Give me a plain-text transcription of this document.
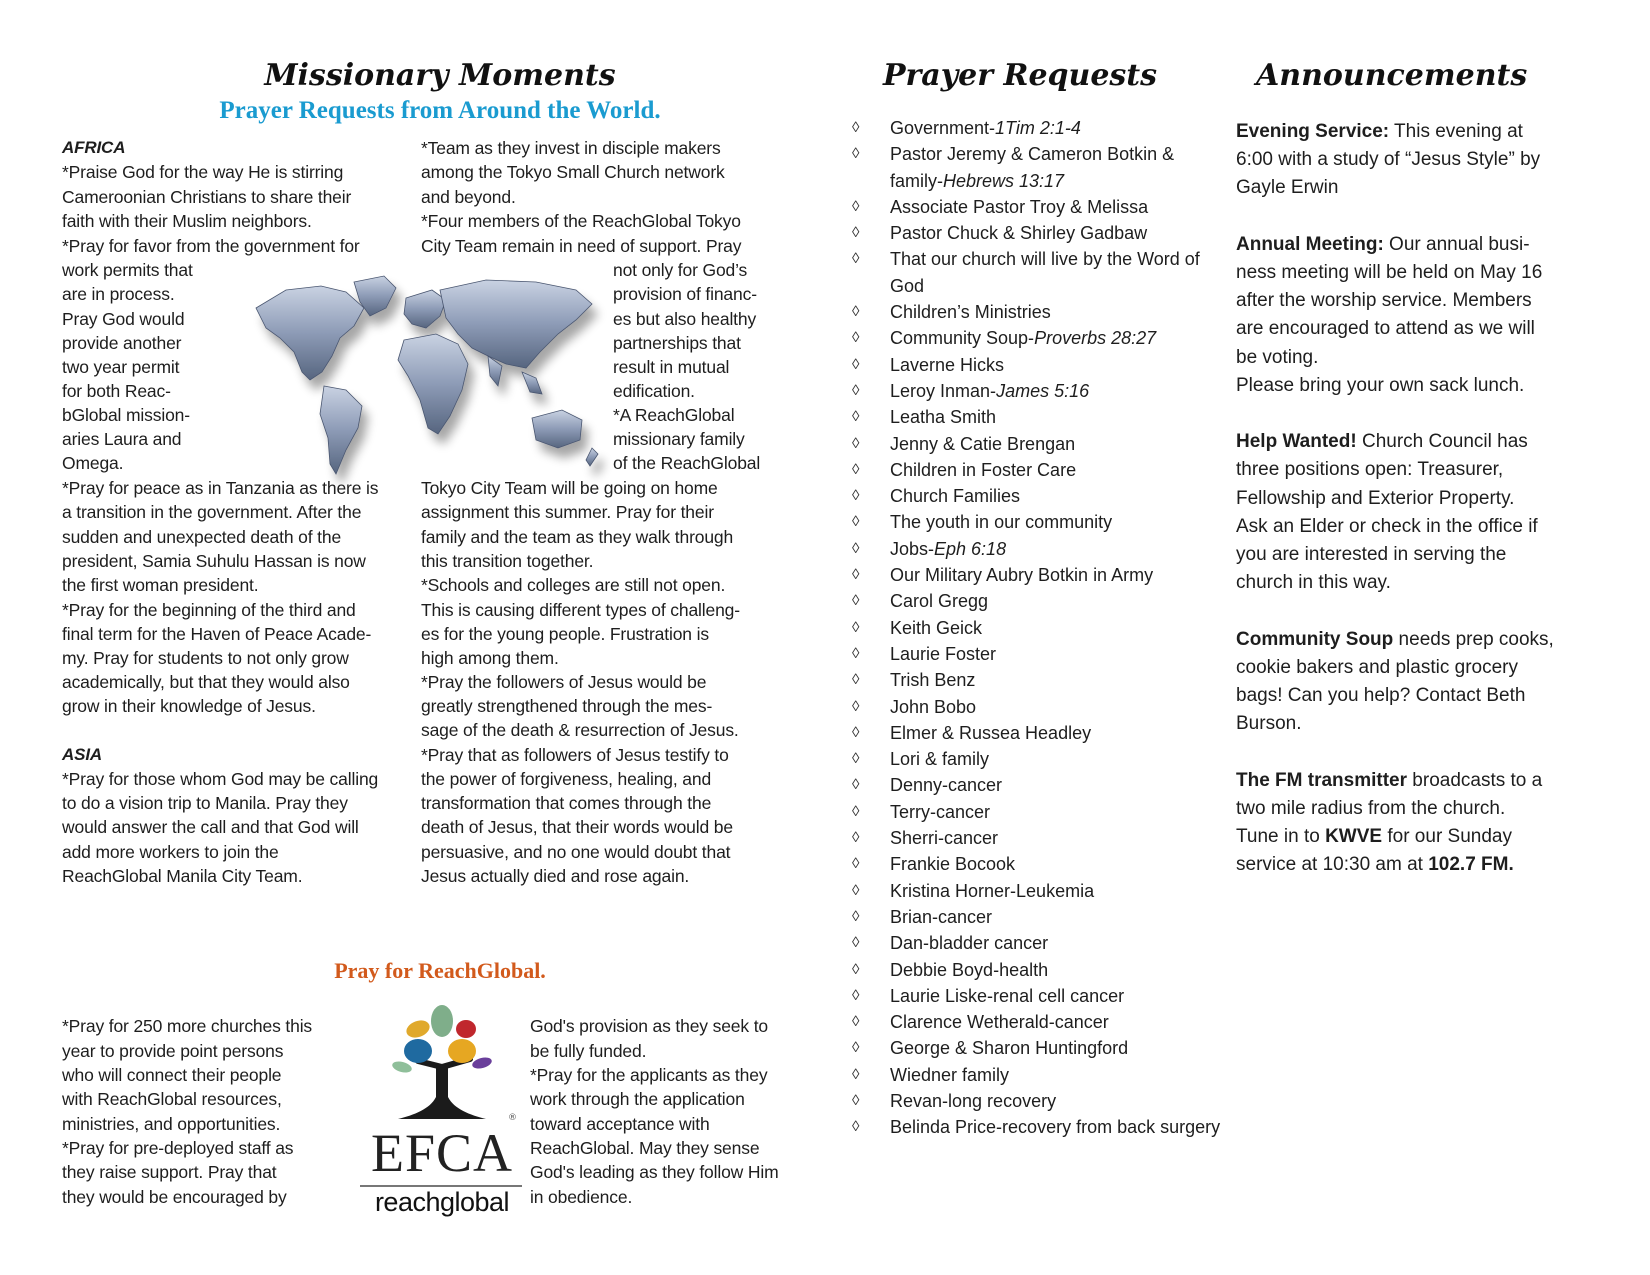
Missionary Moments
Prayer Requests from Around the World.
AFRICA
*Praise God for the way He is stirring
Cameroonian Christians to share their
faith with their Muslim neighbors.
*Pray for favor from the government for
work permits that
are in process.
Pray God would
provide another
two year permit
for both Reac-
bGlobal mission-
aries Laura and
Omega.
*Pray for peace as in Tanzania as there is
a transition in the government. After the
sudden and unexpected death of the
president, Samia Suhulu Hassan is now
the first woman president.
*Pray for the beginning of the third and
final term for the Haven of Peace Acade-
my. Pray for students to not only grow
academically, but that they would also
grow in their knowledge of Jesus.
ASIA
*Pray for those whom God may be calling
to do a vision trip to Manila. Pray they
would answer the call and that God will
add more workers to join the
ReachGlobal Manila City Team.
*Team as they invest in disciple makers
among the Tokyo Small Church network
and beyond.
*Four members of the ReachGlobal Tokyo
City Team remain in need of support. Pray
not only for God’s
provision of financ-
es but also healthy
partnerships that
result in mutual
edification.
*A ReachGlobal
missionary family
of the ReachGlobal
Tokyo City Team will be going on home
assignment this summer. Pray for their
family and the team as they walk through
this transition together.
*Schools and colleges are still not open.
This is causing different types of challeng-
es for the young people. Frustration is
high among them.
*Pray the followers of Jesus would be
greatly strengthened through the mes-
sage of the death & resurrection of Jesus.
*Pray that as followers of Jesus testify to
the power of forgiveness, healing, and
transformation that comes through the
death of Jesus, that their words would be
persuasive, and no one would doubt that
Jesus actually died and rose again.
Pray for ReachGlobal.
*Pray for 250 more churches this
year to provide point persons
who will connect their people
with ReachGlobal resources,
ministries, and opportunities.
*Pray for pre-deployed staff as
they raise support. Pray that
they would be encouraged by
God's provision as they seek to
be fully funded.
*Pray for the applicants as they
work through the application
toward acceptance with
ReachGlobal. May they sense
God's leading as they follow Him
in obedience.
®
EFCA
reachglobal
Prayer Requests
◊	Government-1Tim 2:1-4
◊	Pastor Jeremy & Cameron Botkin & family-Hebrews 13:17
◊	Associate Pastor Troy & Melissa
◊	Pastor Chuck & Shirley Gadbaw
◊	That our church will live by the Word of God
◊	Children’s Ministries
◊	Community Soup-Proverbs 28:27
◊	Laverne Hicks
◊	Leroy Inman-James 5:16
◊	Leatha Smith
◊	Jenny & Catie Brengan
◊	Children in Foster Care
◊	Church Families
◊	The youth in our community
◊	Jobs-Eph 6:18
◊	Our Military Aubry Botkin in Army
◊	Carol Gregg
◊	Keith Geick
◊	Laurie Foster
◊	Trish Benz
◊	John Bobo
◊	Elmer & Russea Headley
◊	Lori & family
◊	Denny-cancer
◊	Terry-cancer
◊	Sherri-cancer
◊	Frankie Bocook
◊	Kristina Horner-Leukemia
◊	Brian-cancer
◊	Dan-bladder cancer
◊	Debbie Boyd-health
◊	Laurie Liske-renal cell cancer
◊	Clarence Wetherald-cancer
◊	George & Sharon Huntingford
◊	Wiedner family
◊	Revan-long recovery
◊	Belinda Price-recovery from back surgery
Announcements
Evening Service: This evening at
6:00 with a study of “Jesus Style” by
Gayle Erwin
Annual Meeting: Our annual busi-
ness meeting will be held on May 16
after the worship service. Members
are encouraged to attend as we will
be voting.
Please bring your own sack lunch.
Help Wanted! Church Council has
three positions open: Treasurer,
Fellowship and Exterior Property.
Ask an Elder or check in the office if
you are interested in serving the
church in this way.
Community Soup needs prep cooks,
cookie bakers and plastic grocery
bags! Can you help? Contact Beth
Burson.
The FM transmitter broadcasts to a
two mile radius from the church.
Tune in to KWVE for our Sunday
service at 10:30 am at 102.7 FM.
